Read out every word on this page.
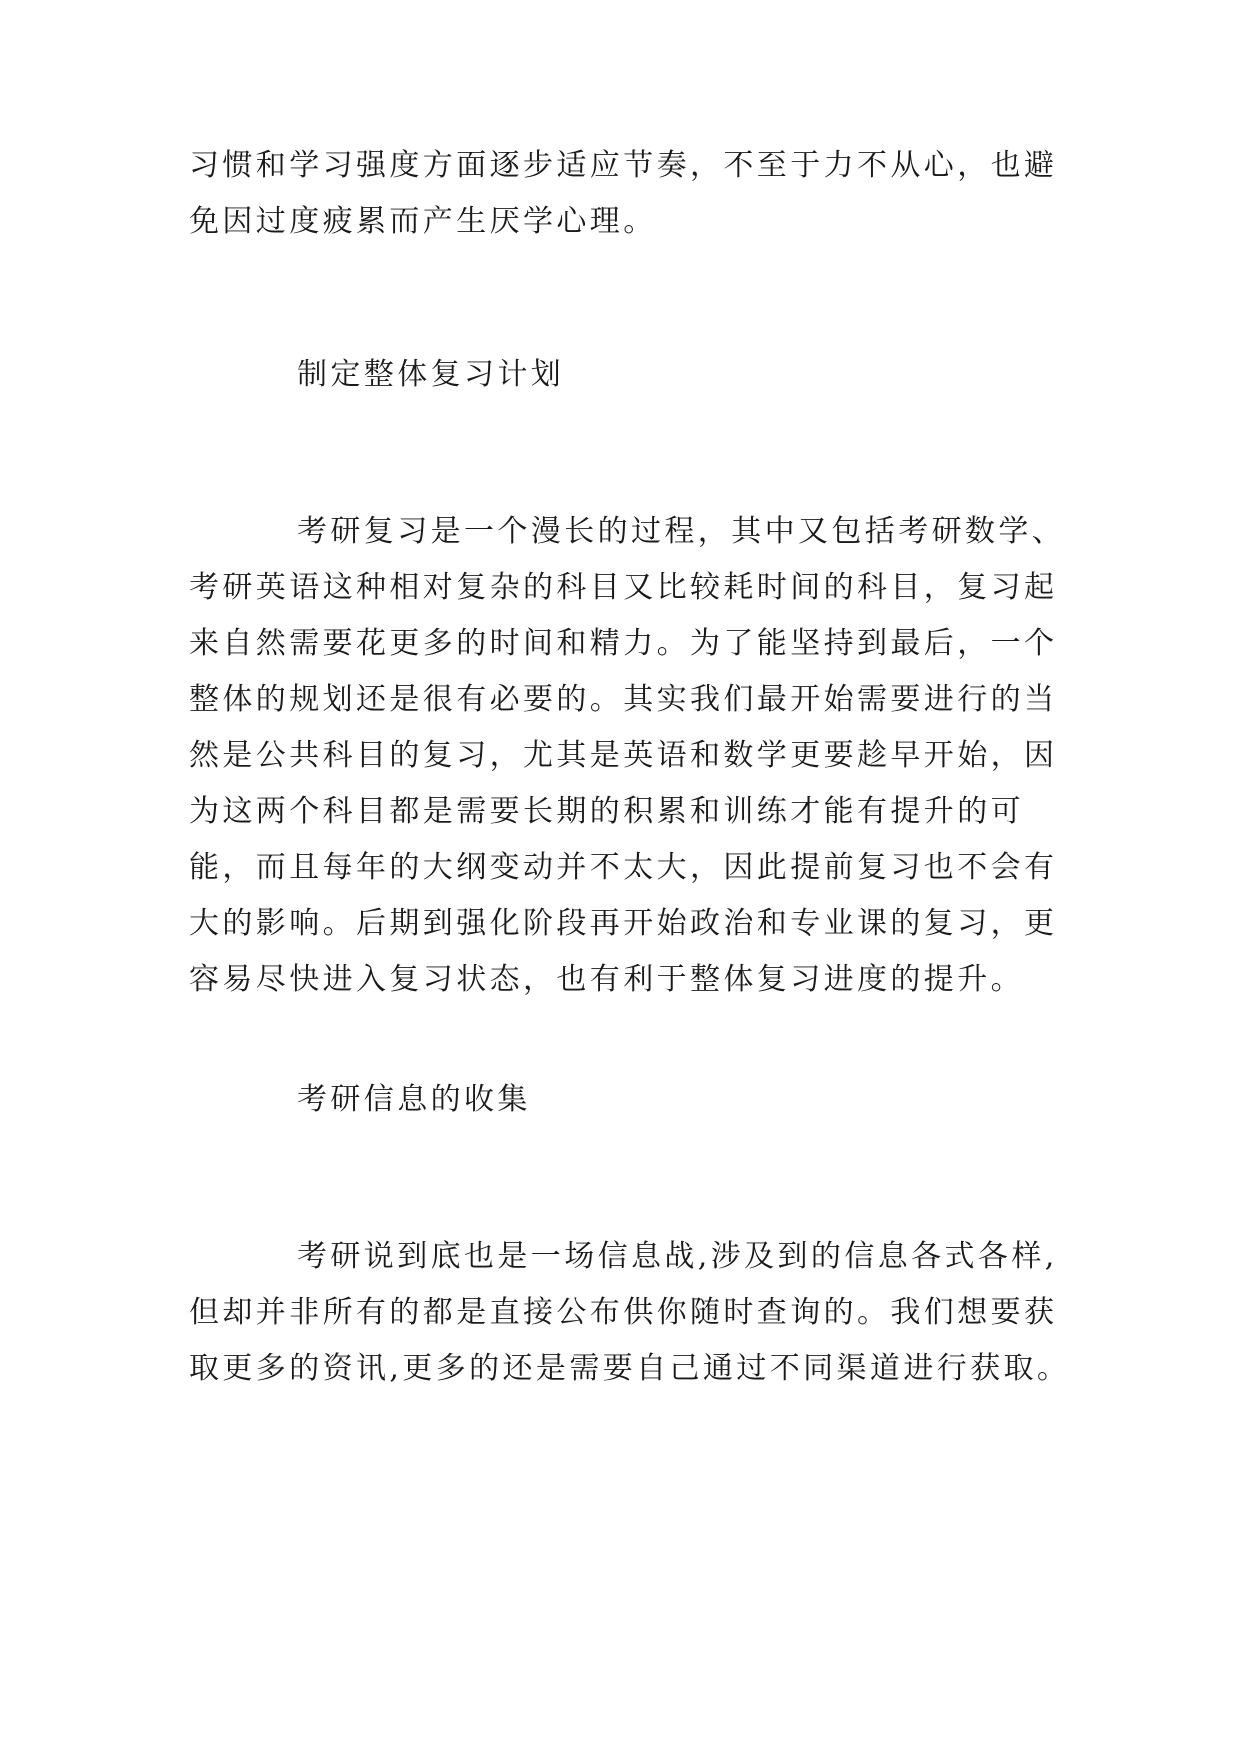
习惯和学习强度方面逐步适应节奏，不至于力不从心，也避
免因过度疲累而产生厌学心理。

制定整体复习计划

考研复习是一个漫长的过程，其中又包括考研数学、
考研英语这种相对复杂的科目又比较耗时间的科目，复习起
来自然需要花更多的时间和精力。为了能坚持到最后，一个
整体的规划还是很有必要的。其实我们最开始需要进行的当
然是公共科目的复习，尤其是英语和数学更要趁早开始，因
为这两个科目都是需要长期的积累和训练才能有提升的可
能，而且每年的大纲变动并不太大，因此提前复习也不会有
大的影响。后期到强化阶段再开始政治和专业课的复习，更
容易尽快进入复习状态，也有利于整体复习进度的提升。

考研信息的收集

考研说到底也是一场信息战,涉及到的信息各式各样,
但却并非所有的都是直接公布供你随时查询的。我们想要获
取更多的资讯,更多的还是需要自己通过不同渠道进行获取。
